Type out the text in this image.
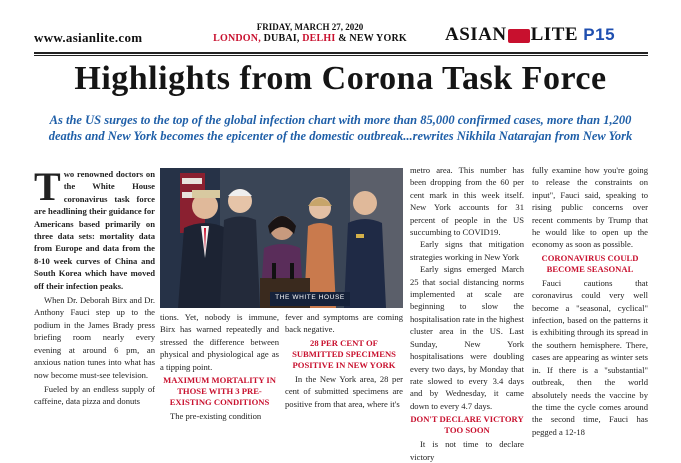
www.asianlite.com
FRIDAY, MARCH 27, 2020
LONDON, DUBAI, DELHI & NEW YORK	ASIAN LITE P15
Highlights from Corona Task Force
As the US surges to the top of the global infection chart with more than 85,000 confirmed cases, more than 1,200 deaths and New York becomes the epicenter of the domestic outbreak...rewrites Nikhila Natarajan from New York
Two renowned doctors on the White House coronavirus task force are headlining their guidance for Americans based primarily on three data sets: mortality data from Europe and data from the 8-10 week curves of China and South Korea which have moved off their infection peaks.

When Dr. Deborah Birx and Dr. Anthony Fauci step up to the podium in the James Brady press briefing room nearly every evening at around 6 pm, an anxious nation tunes into what has now become must-see television.

Fueled by an endless supply of caffeine, data pizza and donuts

THE WHITE HOUSE

tions. Yet, nobody is immune, Birx has warned repeatedly and stressed the difference between physical and physiological age as a tipping point.

MAXIMUM MORTALITY IN THOSE WITH 3 PRE-EXISTING CONDITIONS

The pre-existing condition

fever and symptoms are coming back negative.

28 PER CENT OF SUBMITTED SPECIMENS POSITIVE IN NEW YORK

In the New York area, 28 per cent of submitted specimens are positive from that area, where it's

metro area. This number has been dropping from the 60 per cent mark in this week itself. New York accounts for 31 percent of people in the US succumbing to COVID19.

Early signs that mitigation strategies working in New York

Early signs emerged March 25 that social distancing norms implemented at scale are beginning to slow the hospitalisation rate in the highest cluster area in the US. Last Sunday, New York hospitalisations were doubling every two days, by Monday that rate slowed to every 3.4 days and by Wednesday, it came down to every 4.7 days.

DON'T DECLARE VICTORY TOO SOON

It is not time to declare victory

fully examine how you're going to release the constraints on input", Fauci said, speaking to rising public concerns over recent comments by Trump that he would like to open up the economy as soon as possible.

CORONAVIRUS COULD BECOME SEASONAL

Fauci cautions that coronavirus could very well become a "seasonal, cyclical" infection, based on the patterns it is exhibiting through its spread in the southern hemisphere. There, cases are appearing as winter sets in. If there is a "substantial" outbreak, then the world absolutely needs the vaccine by the time the cycle comes around the second time, Fauci has pegged a 12-18
